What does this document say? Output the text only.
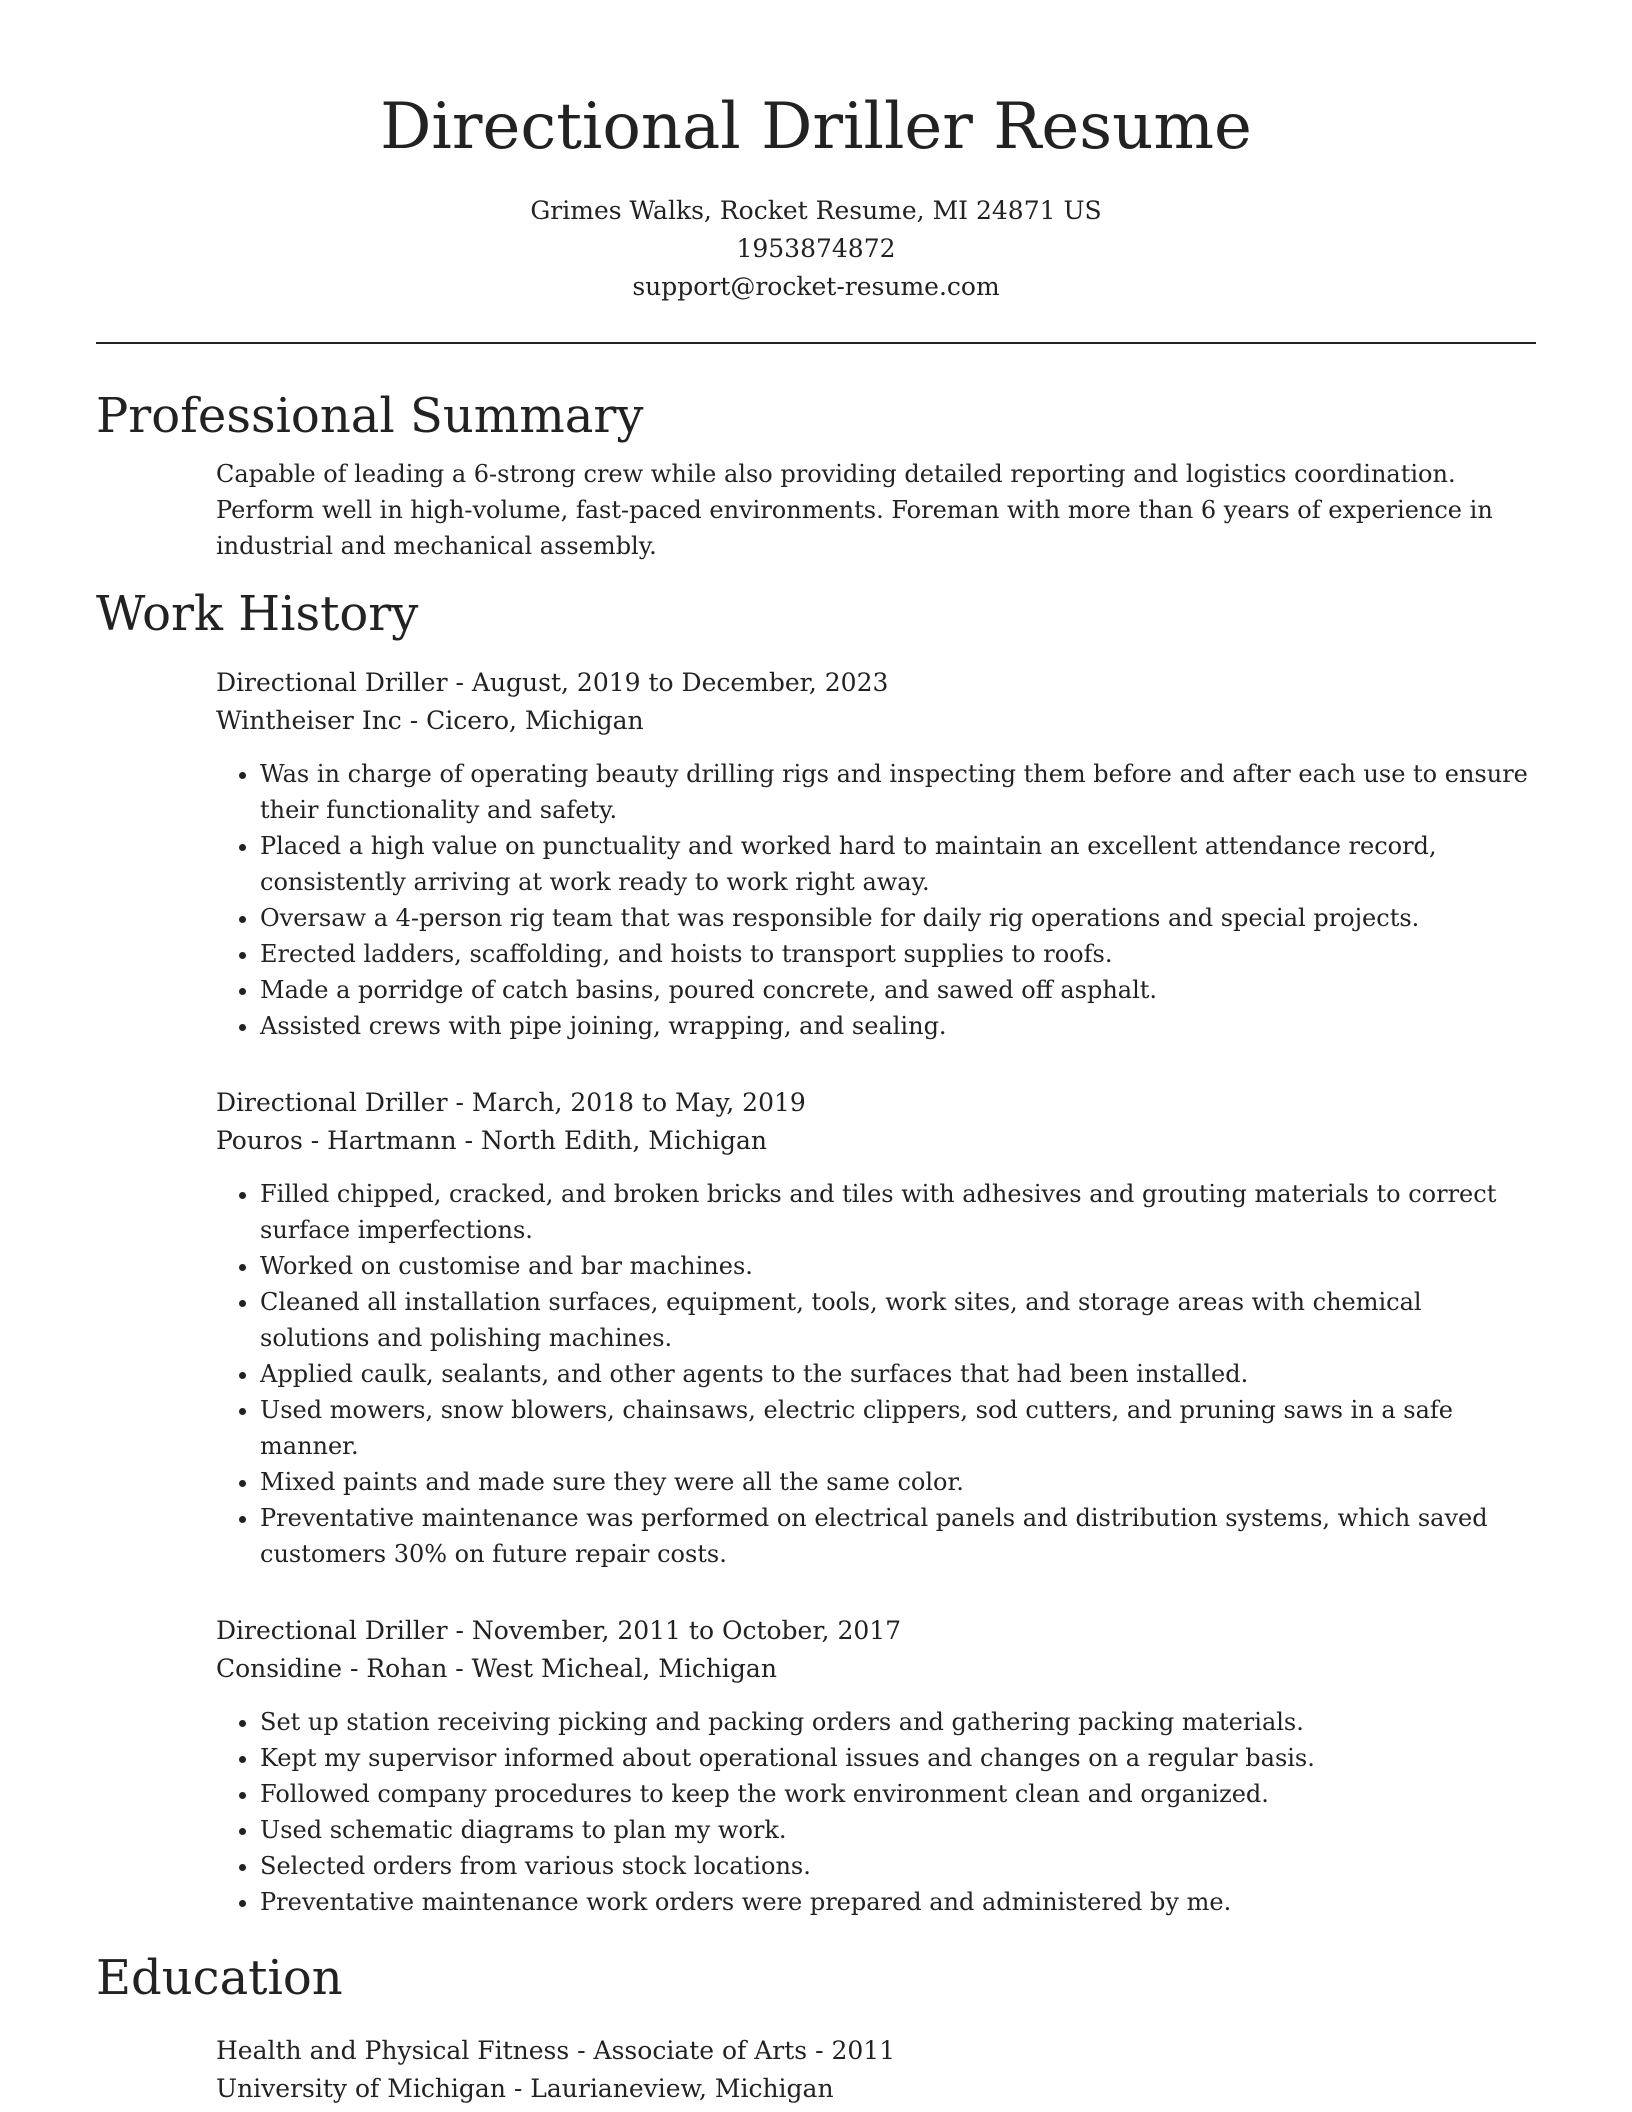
Directional Driller Resume
Grimes Walks, Rocket Resume, MI 24871 US
1953874872
support@rocket-resume.com
Professional Summary
Capable of leading a 6-strong crew while also providing detailed reporting and logistics coordination. Perform well in high-volume, fast-paced environments. Foreman with more than 6 years of experience in industrial and mechanical assembly.
Work History
Directional Driller - August, 2019 to December, 2023
Wintheiser Inc - Cicero, Michigan
• Was in charge of operating beauty drilling rigs and inspecting them before and after each use to ensure their functionality and safety.
• Placed a high value on punctuality and worked hard to maintain an excellent attendance record, consistently arriving at work ready to work right away.
• Oversaw a 4-person rig team that was responsible for daily rig operations and special projects.
• Erected ladders, scaffolding, and hoists to transport supplies to roofs.
• Made a porridge of catch basins, poured concrete, and sawed off asphalt.
• Assisted crews with pipe joining, wrapping, and sealing.
Directional Driller - March, 2018 to May, 2019
Pouros - Hartmann - North Edith, Michigan
• Filled chipped, cracked, and broken bricks and tiles with adhesives and grouting materials to correct surface imperfections.
• Worked on customise and bar machines.
• Cleaned all installation surfaces, equipment, tools, work sites, and storage areas with chemical solutions and polishing machines.
• Applied caulk, sealants, and other agents to the surfaces that had been installed.
• Used mowers, snow blowers, chainsaws, electric clippers, sod cutters, and pruning saws in a safe manner.
• Mixed paints and made sure they were all the same color.
• Preventative maintenance was performed on electrical panels and distribution systems, which saved customers 30% on future repair costs.
Directional Driller - November, 2011 to October, 2017
Considine - Rohan - West Micheal, Michigan
• Set up station receiving picking and packing orders and gathering packing materials.
• Kept my supervisor informed about operational issues and changes on a regular basis.
• Followed company procedures to keep the work environment clean and organized.
• Used schematic diagrams to plan my work.
• Selected orders from various stock locations.
• Preventative maintenance work orders were prepared and administered by me.
Education
Health and Physical Fitness - Associate of Arts - 2011
University of Michigan - Laurianeview, Michigan
